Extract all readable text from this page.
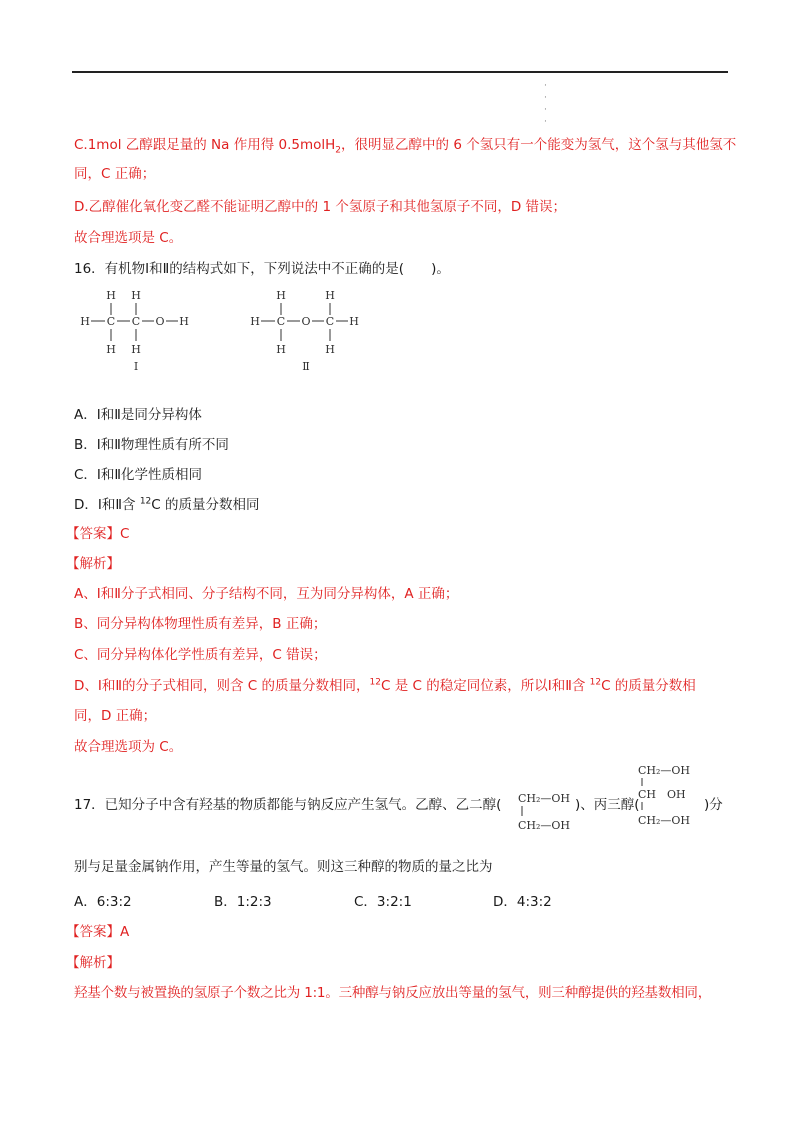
·
·
·
·
C.1mol 乙醇跟足量的 Na 作用得 0.5molH$_2$，很明显乙醇中的 6 个氢只有一个能变为氢气，这个氢与其他氢不
同，C 正确；
D.乙醇催化氧化变乙醛不能证明乙醇中的 1 个氢原子和其他氢原子不同，D 错误；
故合理选项是 C。
16．有机物Ⅰ和Ⅱ的结构式如下，下列说法中不正确的是(　　)。
H H
H C C O H
H H
Ⅰ
H	H
H C O C H
H	H
Ⅱ
A．Ⅰ和Ⅱ是同分异构体
B．Ⅰ和Ⅱ物理性质有所不同
C．Ⅰ和Ⅱ化学性质相同
D．Ⅰ和Ⅱ含 $^{12}$C 的质量分数相同
【答案】C
【解析】
A、Ⅰ和Ⅱ分子式相同、分子结构不同，互为同分异构体，A 正确；
B、同分异构体物理性质有差异，B 正确；
C、同分异构体化学性质有差异，C 错误；
D、Ⅰ和Ⅱ的分子式相同，则含 C 的质量分数相同，$^{12}$C 是 C 的稳定同位素，所以Ⅰ和Ⅱ含 $^{12}$C 的质量分数相
同，D 正确；
故合理选项为 C。
17．已知分子中含有羟基的物质都能与钠反应产生氢气。乙醇、乙二醇( CH₂—OH
CH₂—OH
)、丙三醇(
CH₂—OH
CH　OH
CH₂—OH
)分
别与足量金属钠作用，产生等量的氢气。则这三种醇的物质的量之比为
A．6:3:2	B．1:2:3	C．3:2:1	D．4:3:2
【答案】A
【解析】
羟基个数与被置换的氢原子个数之比为 1:1。三种醇与钠反应放出等量的氢气，则三种醇提供的羟基数相同，
